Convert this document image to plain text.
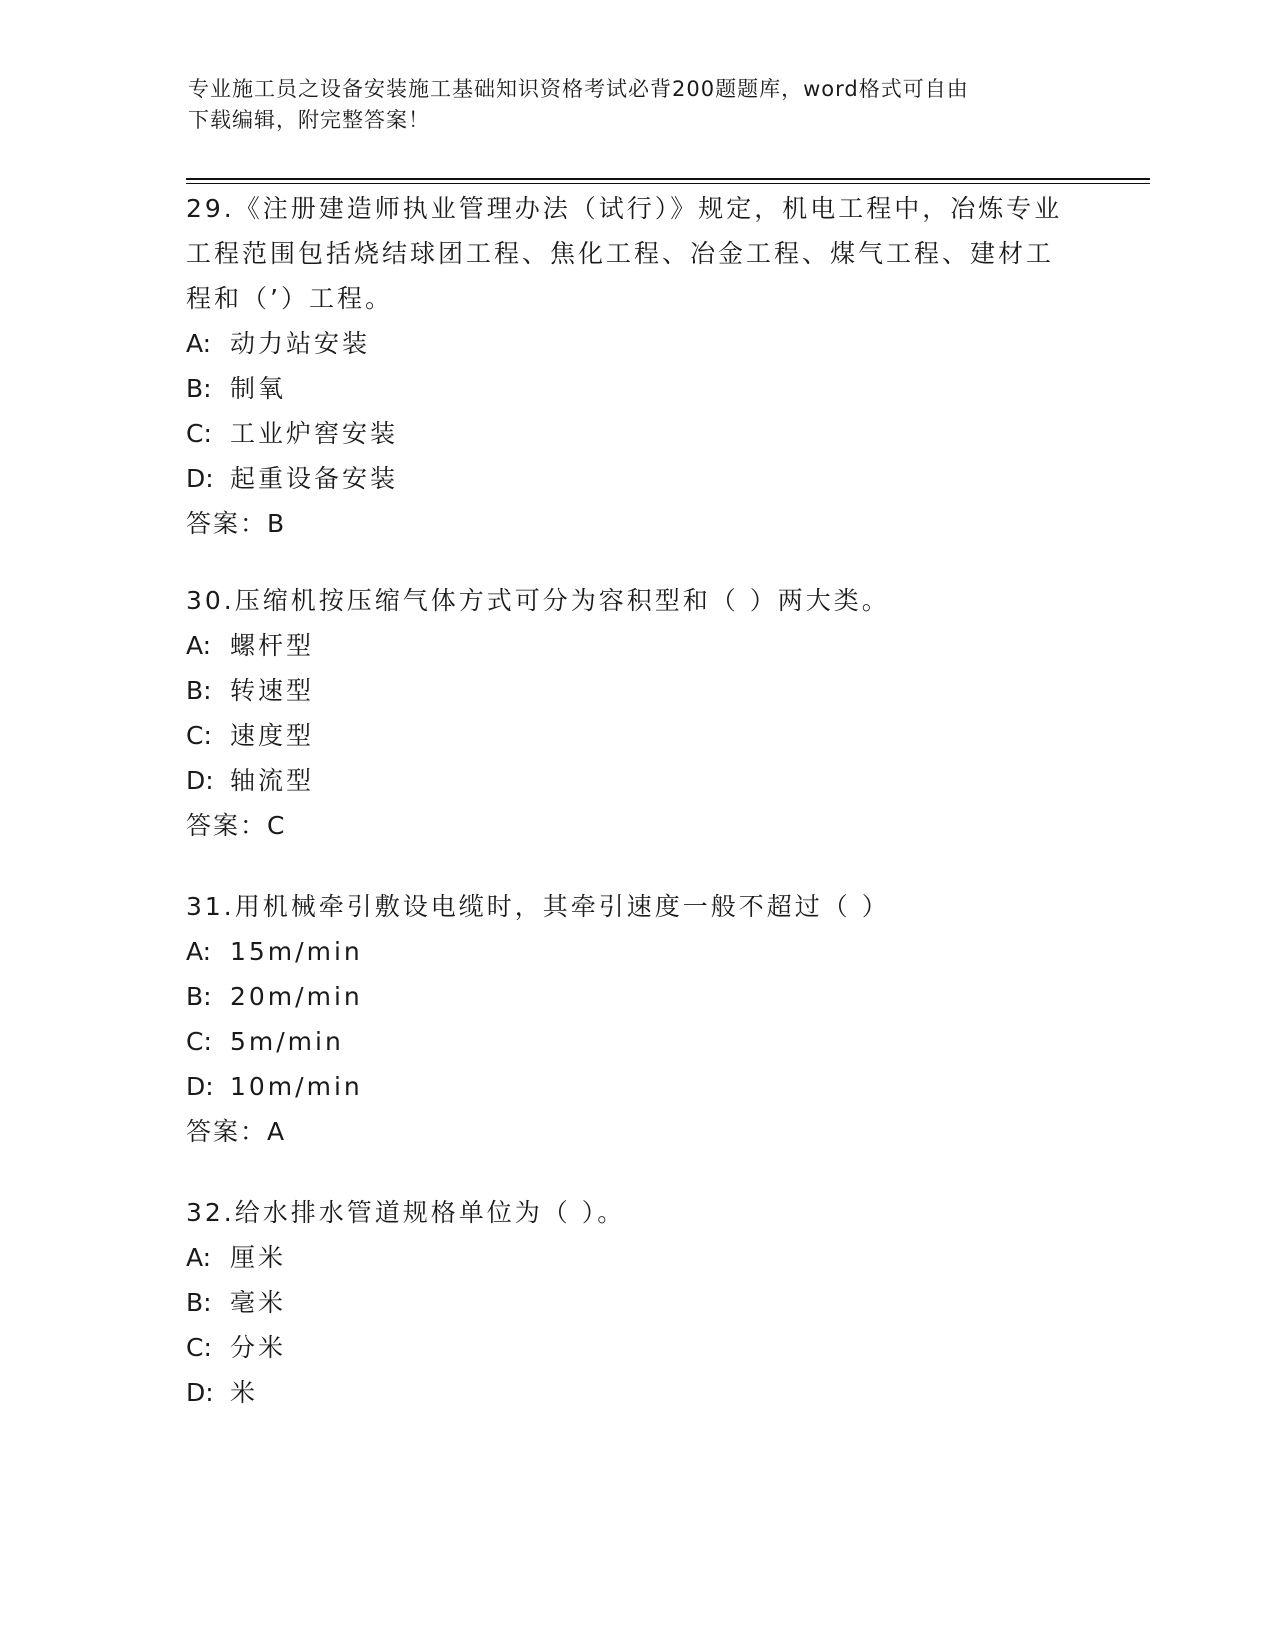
专业施工员之设备安装施工基础知识资格考试必背200题题库，word格式可自由
下载编辑，附完整答案！

29.《注册建造师执业管理办法（试行）》规定，机电工程中，冶炼专业工程范围包括烧结球团工程、焦化工程、冶金工程、煤气工程、建材工程和（’）工程。

A: 动力站安装
B: 制氧
C: 工业炉窖安装
D: 起重设备安装
答案：B

30.压缩机按压缩气体方式可分为容积型和（ ）两大类。

A: 螺杆型
B: 转速型
C: 速度型
D: 轴流型
答案：C

31.用机械牵引敷设电缆时，其牵引速度一般不超过（ ）

A: 15m/min
B: 20m/min
C: 5m/min
D: 10m/min
答案：A

32.给水排水管道规格单位为（ ）。

A: 厘米
B: 毫米
C: 分米
D: 米
